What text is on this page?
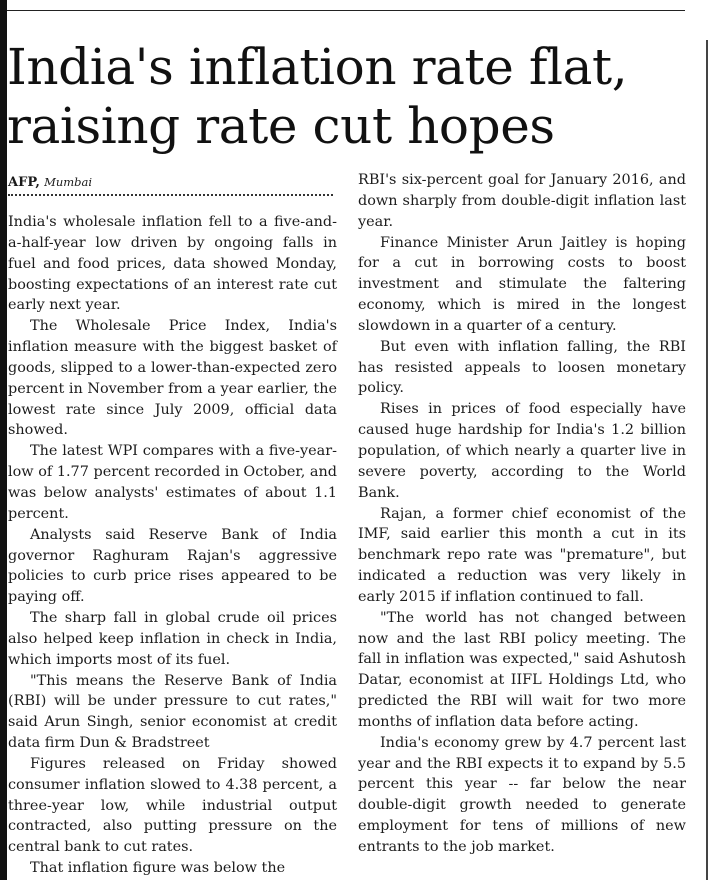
India's inflation rate flat,
raising rate cut hopes
AFP, Mumbai

India's wholesale inflation fell to a five-and-a-half-year low driven by ongoing falls in fuel and food prices, data showed Monday, boosting expectations of an interest rate cut early next year.

The Wholesale Price Index, India's inflation measure with the biggest basket of goods, slipped to a lower-than-expected zero percent in November from a year earlier, the lowest rate since July 2009, official data showed.

The latest WPI compares with a five-year-low of 1.77 percent recorded in October, and was below analysts' estimates of about 1.1 percent.

Analysts said Reserve Bank of India governor Raghuram Rajan's aggressive policies to curb price rises appeared to be paying off.

The sharp fall in global crude oil prices also helped keep inflation in check in India, which imports most of its fuel.

"This means the Reserve Bank of India (RBI) will be under pressure to cut rates," said Arun Singh, senior economist at credit data firm Dun & Bradstreet

Figures released on Friday showed consumer inflation slowed to 4.38 percent, a three-year low, while industrial output contracted, also putting pressure on the central bank to cut rates.

That inflation figure was below the

RBI's six-percent goal for January 2016, and down sharply from double-digit inflation last year.

Finance Minister Arun Jaitley is hoping for a cut in borrowing costs to boost investment and stimulate the faltering economy, which is mired in the longest slowdown in a quarter of a century.

But even with inflation falling, the RBI has resisted appeals to loosen monetary policy.

Rises in prices of food especially have caused huge hardship for India's 1.2 billion population, of which nearly a quarter live in severe poverty, according to the World Bank.

Rajan, a former chief economist of the IMF, said earlier this month a cut in its benchmark repo rate was "premature", but indicated a reduction was very likely in early 2015 if inflation continued to fall.

"The world has not changed between now and the last RBI policy meeting. The fall in inflation was expected," said Ashutosh Datar, economist at IIFL Holdings Ltd, who predicted the RBI will wait for two more months of inflation data before acting.

India's economy grew by 4.7 percent last year and the RBI expects it to expand by 5.5 percent this year -- far below the near double-digit growth needed to generate employment for tens of millions of new entrants to the job market.
